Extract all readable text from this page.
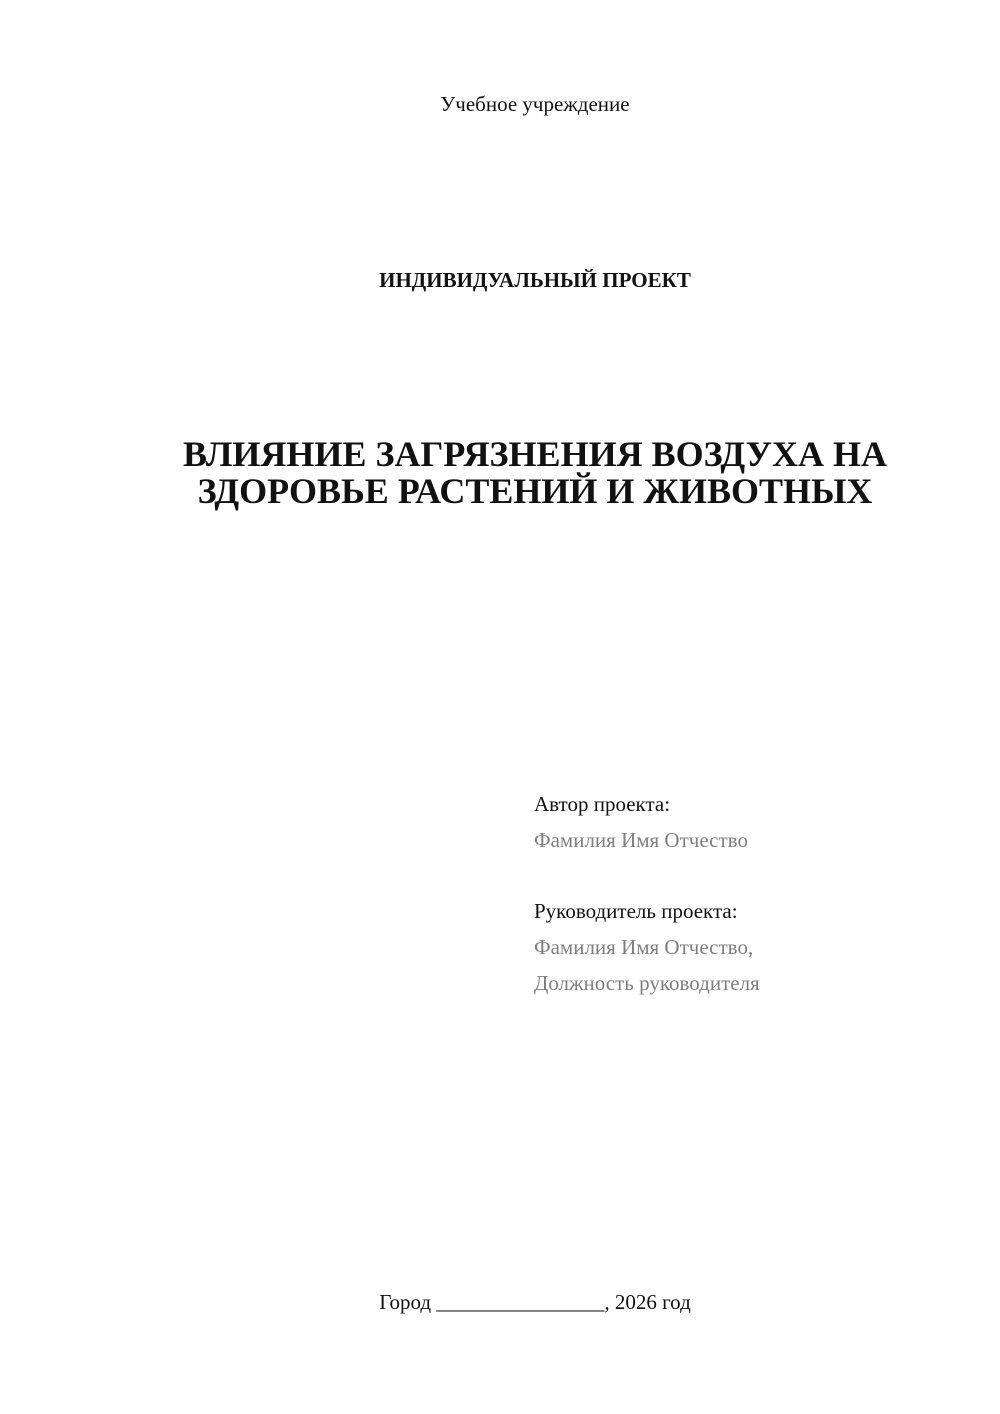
Учебное учреждение
ИНДИВИДУАЛЬНЫЙ ПРОЕКТ
ВЛИЯНИЕ ЗАГРЯЗНЕНИЯ ВОЗДУХА НА
ЗДОРОВЬЕ РАСТЕНИЙ И ЖИВОТНЫХ
Автор проекта:
Фамилия Имя Отчество
Руководитель проекта:
Фамилия Имя Отчество,
Должность руководителя
Город ________________, 2026 год
